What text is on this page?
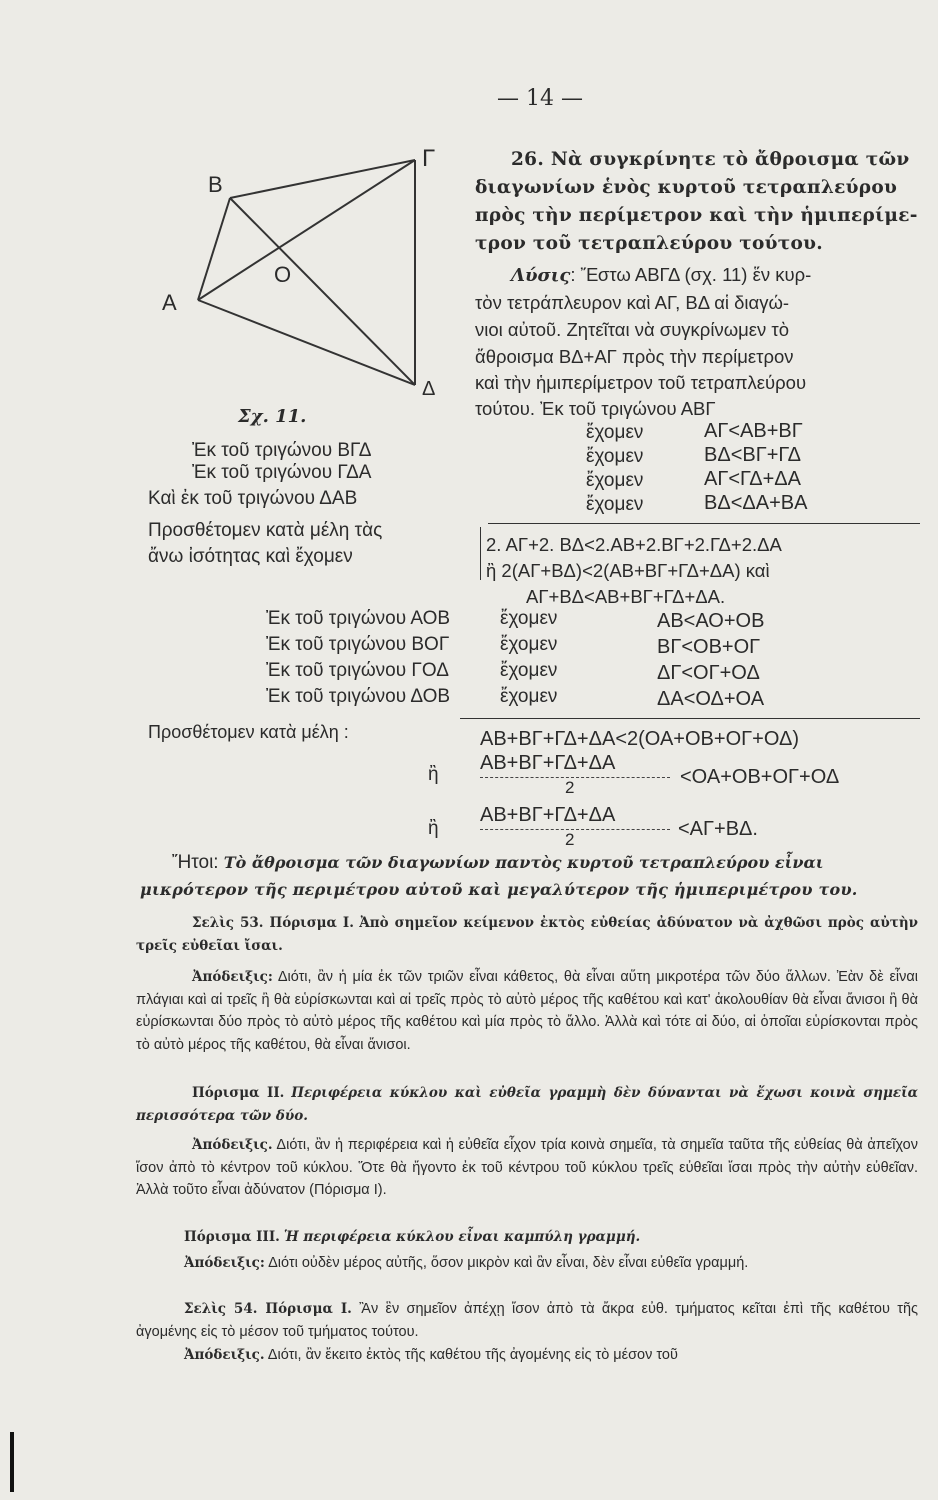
— 14 —
B
Γ
A
Δ
O
Σχ. 11.
26. Νὰ συγκρίνητε τὸ ἄθροισμα τῶν
διαγωνίων ἑνὸς κυρτοῦ τετραπλεύρου
πρὸς τὴν περίμετρον καὶ τὴν ἡμιπερίμε-
τρον τοῦ τετραπλεύρου τούτου.
Λύσις: Ἔστω ΑΒΓΔ (σχ. 11) ἕν κυρ-
τὸν τετράπλευρον καὶ ΑΓ, ΒΔ αἱ διαγώ-
νιοι αὐτοῦ. Ζητεῖται νὰ συγκρίνωμεν τὸ
ἄθροισμα ΒΔ+ΑΓ πρὸς τὴν περίμετρον
καὶ τὴν ἡμιπερίμετρον τοῦ τετραπλεύρου
τούτου. Ἐκ τοῦ τριγώνου ΑΒΓ
ἔχομεν	ΑΓ<ΑΒ+ΒΓ
Ἐκ τοῦ τριγώνου ΒΓΔ	ἔχομεν	ΒΔ<ΒΓ+ΓΔ
Ἐκ τοῦ τριγώνου ΓΔΑ	ἔχομεν	ΑΓ<ΓΔ+ΔΑ
Καὶ ἐκ τοῦ τριγώνου ΔΑΒ	ἔχομεν	ΒΔ<ΔΑ+ΒΑ
Προσθέτομεν κατὰ μέλη τὰς
ἄνω ἰσότητας καὶ ἔχομεν
2. ΑΓ+2. ΒΔ<2.ΑΒ+2.ΒΓ+2.ΓΔ+2.ΔΑ
ἢ 2(ΑΓ+ΒΔ)<2(ΑΒ+ΒΓ+ΓΔ+ΔΑ) καὶ
ΑΓ+ΒΔ<ΑΒ+ΒΓ+ΓΔ+ΔΑ.
Ἐκ τοῦ τριγώνου ΑΟΒ	ἔχομεν	ΑΒ<ΑΟ+ΟΒ
Ἐκ τοῦ τριγώνου ΒΟΓ	ἔχομεν	ΒΓ<ΟΒ+ΟΓ
Ἐκ τοῦ τριγώνου ΓΟΔ	ἔχομεν	ΔΓ<ΟΓ+ΟΔ
Ἐκ τοῦ τριγώνου ΔΟΒ	ἔχομεν	ΔΑ<ΟΔ+ΟΑ
Προσθέτομεν κατὰ μέλη :	ΑΒ+ΒΓ+ΓΔ+ΔΑ<2(ΟΑ+ΟΒ+ΟΓ+ΟΔ)
ἢ
ΑΒ+ΒΓ+ΓΔ+ΔΑ
2	<ΟΑ+ΟΒ+ΟΓ+ΟΔ
ἢ
ΑΒ+ΒΓ+ΓΔ+ΔΑ
2	<ΑΓ+ΒΔ.
Ἤτοι: Τὸ ἄθροισμα τῶν διαγωνίων παντὸς κυρτοῦ τετραπλεύρου εἶναι
μικρότερον τῆς περιμέτρου αὐτοῦ καὶ μεγαλύτερον τῆς ἡμιπεριμέτρου του.
Σελὶς 53. Πόρισμα Ι. Ἀπὸ σημεῖον κείμενον ἐκτὸς εὐθείας ἀδύνατον νὰ ἀχθῶσι πρὸς αὐτὴν τρεῖς εὐθεῖαι ἴσαι.
Ἀπόδειξις: Διότι, ἂν ἡ μία ἐκ τῶν τριῶν εἶναι κάθετος, θὰ εἶναι αὕτη μικροτέρα τῶν δύο ἄλλων. Ἐὰν δὲ εἶναι πλάγιαι καὶ αἱ τρεῖς ἢ θὰ εὑρίσκωνται καὶ αἱ τρεῖς πρὸς τὸ αὐτὸ μέρος τῆς καθέτου καὶ κατ' ἀκολουθίαν θὰ εἶναι ἄνισοι ἢ θὰ εὑρίσκωνται δύο πρὸς τὸ αὐτὸ μέρος τῆς καθέτου καὶ μία πρὸς τὸ ἄλλο. Ἀλλὰ καὶ τότε αἱ δύο, αἱ ὁποῖαι εὑρίσκονται πρὸς τὸ αὐτὸ μέρος τῆς καθέτου, θὰ εἶναι ἄνισοι.
Πόρισμα ΙΙ. Περιφέρεια κύκλου καὶ εὐθεῖα γραμμὴ δὲν δύνανται νὰ ἔχωσι κοινὰ σημεῖα περισσότερα τῶν δύο.
Ἀπόδειξις. Διότι, ἂν ἡ περιφέρεια καὶ ἡ εὐθεῖα εἶχον τρία κοινὰ σημεῖα, τὰ σημεῖα ταῦτα τῆς εὐθείας θὰ ἀπεῖχον ἴσον ἀπὸ τὸ κέντρον τοῦ κύκλου. Ὅτε θὰ ἤγοντο ἐκ τοῦ κέντρου τοῦ κύκλου τρεῖς εὐθεῖαι ἴσαι πρὸς τὴν αὐτὴν εὐθεῖαν. Ἀλλὰ τοῦτο εἶναι ἀδύνατον (Πόρισμα Ι).
Πόρισμα ΙΙΙ. Ἡ περιφέρεια κύκλου εἶναι καμπύλη γραμμή.
Ἀπόδειξις: Διότι οὐδὲν μέρος αὐτῆς, ὅσον μικρὸν καὶ ἂν εἶναι, δὲν εἶναι εὐθεῖα γραμμή.
Σελὶς 54. Πόρισμα Ι. Ἂν ἓν σημεῖον ἀπέχῃ ἴσον ἀπὸ τὰ ἄκρα εὐθ. τμήματος κεῖται ἐπὶ τῆς καθέτου τῆς ἀγομένης εἰς τὸ μέσον τοῦ τμήματος τούτου.
Ἀπόδειξις. Διότι, ἂν ἔκειτο ἐκτὸς τῆς καθέτου τῆς ἀγομένης εἰς τὸ μέσον τοῦ
